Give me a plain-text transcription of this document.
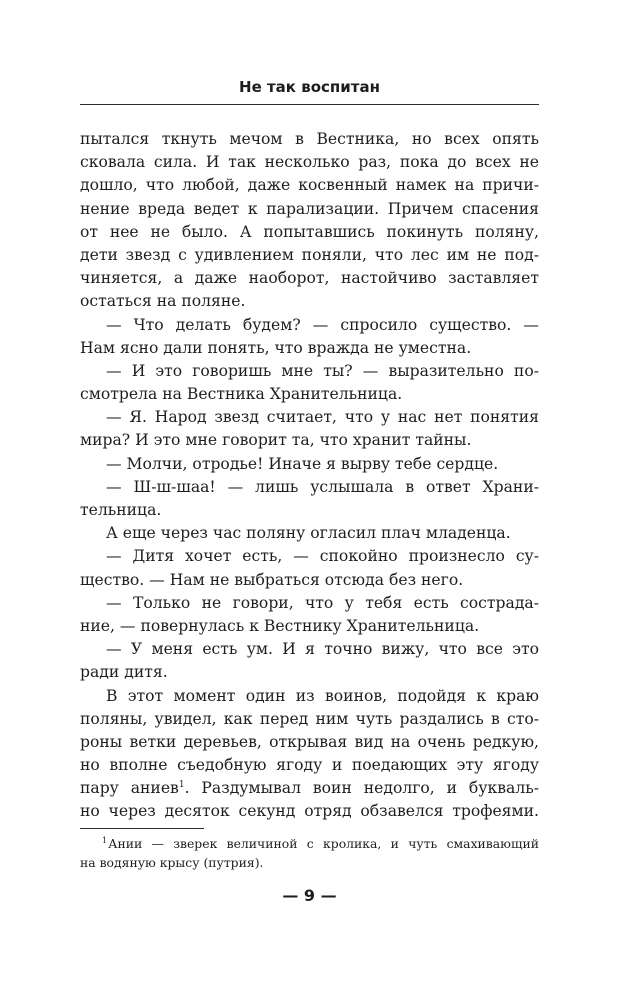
Не так воспитан
пытался ткнуть мечом в Вестника, но всех опять
сковала сила. И так несколько раз, пока до всех не
дошло, что любой, даже косвенный намек на причи-
нение вреда ведет к парализации. Причем спасения
от нее не было. А попытавшись покинуть поляну,
дети звезд с удивлением поняли, что лес им не под-
чиняется, а даже наоборот, настойчиво заставляет
остаться на поляне.
— Что делать будем? — спросило существо. —
Нам ясно дали понять, что вражда не уместна.
— И это говоришь мне ты? — выразительно по-
смотрела на Вестника Хранительница.
— Я. Народ звезд считает, что у нас нет понятия
мира? И это мне говорит та, что хранит тайны.
— Молчи, отродье! Иначе я вырву тебе сердце.
— Ш-ш-шаа! — лишь услышала в ответ Храни-
тельница.
А еще через час поляну огласил плач младенца.
— Дитя хочет есть, — спокойно произнесло су-
щество. — Нам не выбраться отсюда без него.
— Только не говори, что у тебя есть сострада-
ние, — повернулась к Вестнику Хранительница.
— У меня есть ум. И я точно вижу, что все это
ради дитя.
В этот момент один из воинов, подойдя к краю
поляны, увидел, как перед ним чуть раздались в сто-
роны ветки деревьев, открывая вид на очень редкую,
но вполне съедобную ягоду и поедающих эту ягоду
пару аниев$^1$. Раздумывал воин недолго, и букваль-
но через десяток секунд отряд обзавелся трофеями.
$^1$Ании — зверек величиной с кролика, и чуть смахивающий
на водяную крысу (путрия).
— 9 —
